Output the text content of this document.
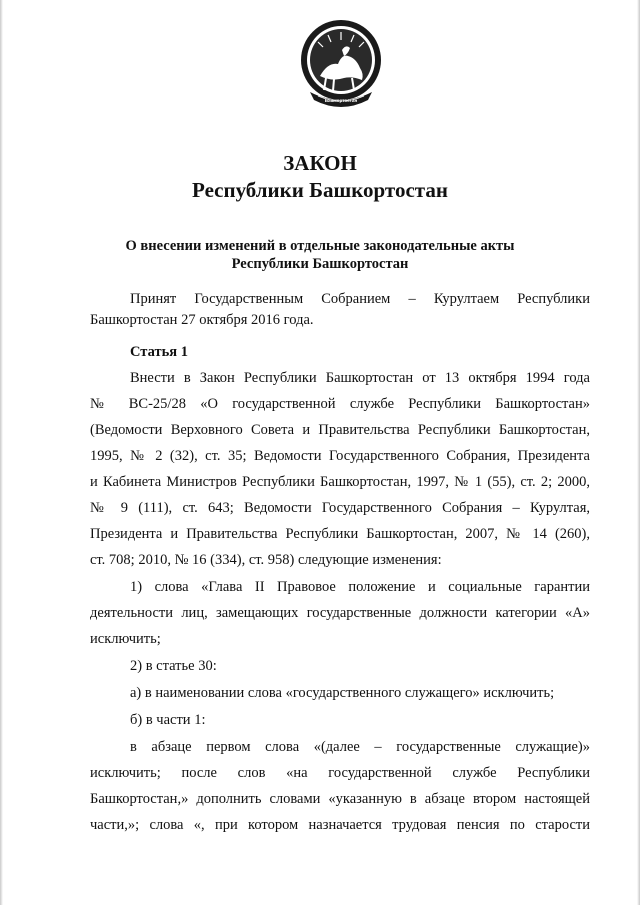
Башкортостан
ЗАКОН
Республики Башкортостан
О внесении изменений в отдельные законодательные акты
Республики Башкортостан
Принят Государственным Собранием – Курултаем Республики
Башкортостан 27 октября 2016 года.
Статья 1
Внести в Закон Республики Башкортостан от 13 октября 1994 года
№ ВС-25/28 «О государственной службе Республики Башкортостан»
(Ведомости Верховного Совета и Правительства Республики Башкортостан,
1995, № 2 (32), ст. 35; Ведомости Государственного Собрания, Президента
и Кабинета Министров Республики Башкортостан, 1997, № 1 (55), ст. 2; 2000,
№ 9 (111), ст. 643; Ведомости Государственного Собрания – Курултая,
Президента и Правительства Республики Башкортостан, 2007, № 14 (260),
ст. 708; 2010, № 16 (334), ст. 958) следующие изменения:
1) слова «Глава II Правовое положение и социальные гарантии
деятельности лиц, замещающих государственные должности категории «А»
исключить;
2) в статье 30:
а) в наименовании слова «государственного служащего» исключить;
б) в части 1:
в абзаце первом слова «(далее – государственные служащие)»
исключить; после слов «на государственной службе Республики
Башкортостан,» дополнить словами «указанную в абзаце втором настоящей
части,»; слова «, при котором назначается трудовая пенсия по старости
